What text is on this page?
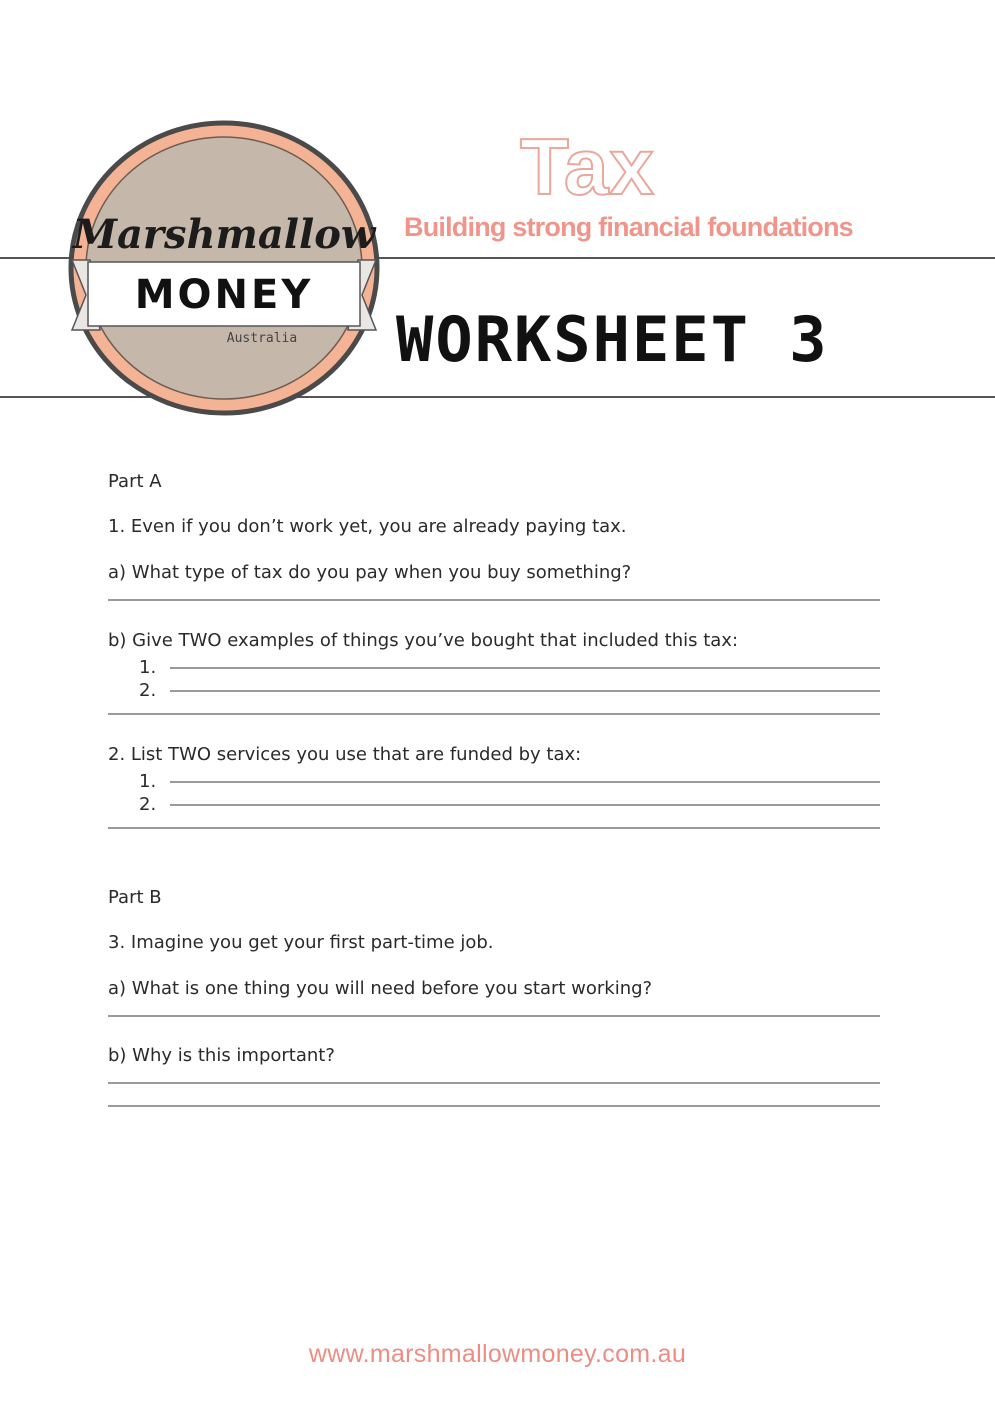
Marshmallow
MONEY
Australia
Tax
Building strong financial foundations
WORKSHEET 3
Part A
1. Even if you don’t work yet, you are already paying tax.
a) What type of tax do you pay when you buy something?
b) Give TWO examples of things you’ve bought that included this tax:
1.
2.
2. List TWO services you use that are funded by tax:
1.
2.
Part B
3. Imagine you get your first part-time job.
a) What is one thing you will need before you start working?
b) Why is this important?
www.marshmallowmoney.com.au
